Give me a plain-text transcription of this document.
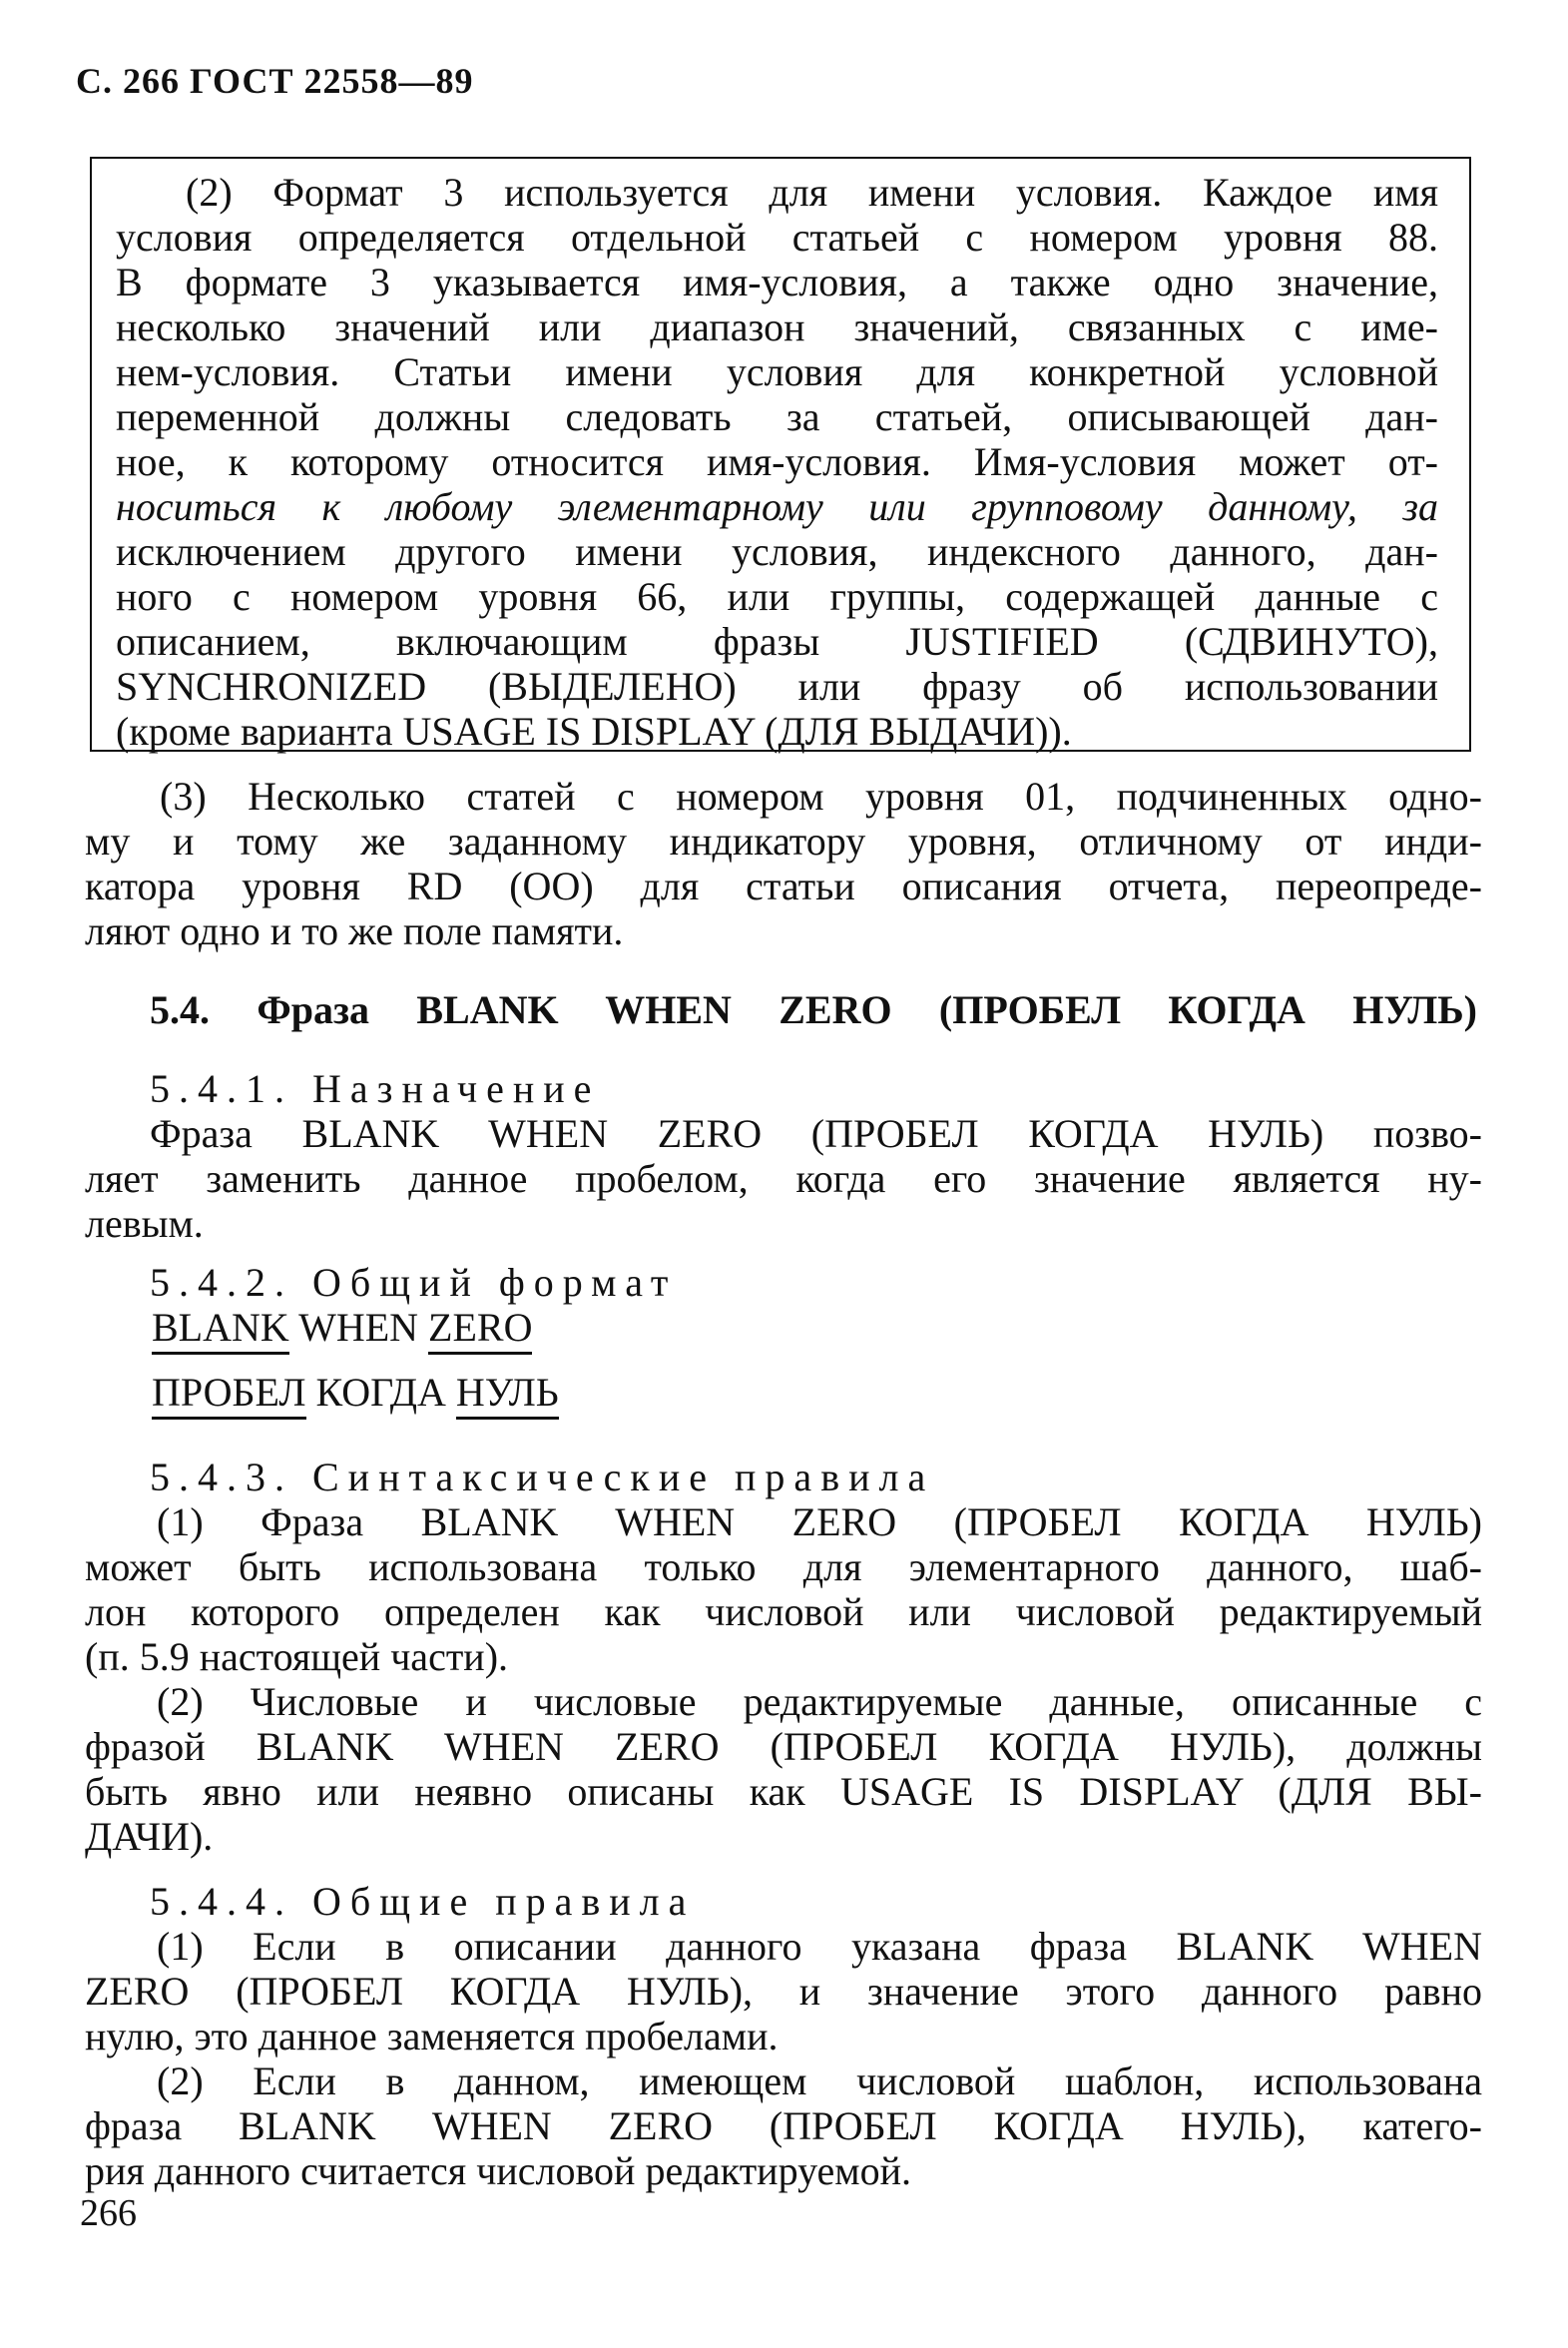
С. 266 ГОСТ 22558—89
(2) Формат 3 используется для имени условия. Каждое имя
условия определяется отдельной статьей с номером уровня 88.
В формате 3 указывается имя-условия, а также одно значение,
несколько значений или диапазон значений, связанных с име-
нем-условия. Статьи имени условия для конкретной условной
переменной должны следовать за статьей, описывающей дан-
ное, к которому относится имя-условия. Имя-условия может от-
носиться к любому элементарному или групповому данному, за
исключением другого имени условия, индексного данного, дан-
ного с номером уровня 66, или группы, содержащей данные с
описанием, включающим фразы JUSTIFIED (СДВИНУТО),
SYNCHRONIZED (ВЫДЕЛЕНО) или фразу об использовании
(кроме варианта USAGE IS DISPLAY (ДЛЯ ВЫДАЧИ)).
(3) Несколько статей с номером уровня 01, подчиненных одно-
му и тому же заданному индикатору уровня, отличному от инди-
катора уровня RD (OO) для статьи описания отчета, переопреде-
ляют одно и то же поле памяти.
5.4. Фраза BLANK WHEN ZERO (ПРОБЕЛ КОГДА НУЛЬ)
5.4.1. Назначение
Фраза BLANK WHEN ZERO (ПРОБЕЛ КОГДА НУЛЬ) позво-
ляет заменить данное пробелом, когда его значение является ну-
левым.
5.4.2. Общий формат
BLANK WHEN ZERO
ПРОБЕЛ КОГДА НУЛЬ
5.4.3. Синтаксические правила
(1) Фраза BLANK WHEN ZERO (ПРОБЕЛ КОГДА НУЛЬ)
может быть использована только для элементарного данного, шаб-
лон которого определен как числовой или числовой редактируемый
(п. 5.9 настоящей части).
(2) Числовые и числовые редактируемые данные, описанные с
фразой BLANK WHEN ZERO (ПРОБЕЛ КОГДА НУЛЬ), должны
быть явно или неявно описаны как USAGE IS DISPLAY (ДЛЯ ВЫ-
ДАЧИ).
5.4.4. Общие правила
(1) Если в описании данного указана фраза BLANK WHEN
ZERO (ПРОБЕЛ КОГДА НУЛЬ), и значение этого данного равно
нулю, это данное заменяется пробелами.
(2) Если в данном, имеющем числовой шаблон, использована
фраза BLANK WHEN ZERO (ПРОБЕЛ КОГДА НУЛЬ), катего-
рия данного считается числовой редактируемой.
266
